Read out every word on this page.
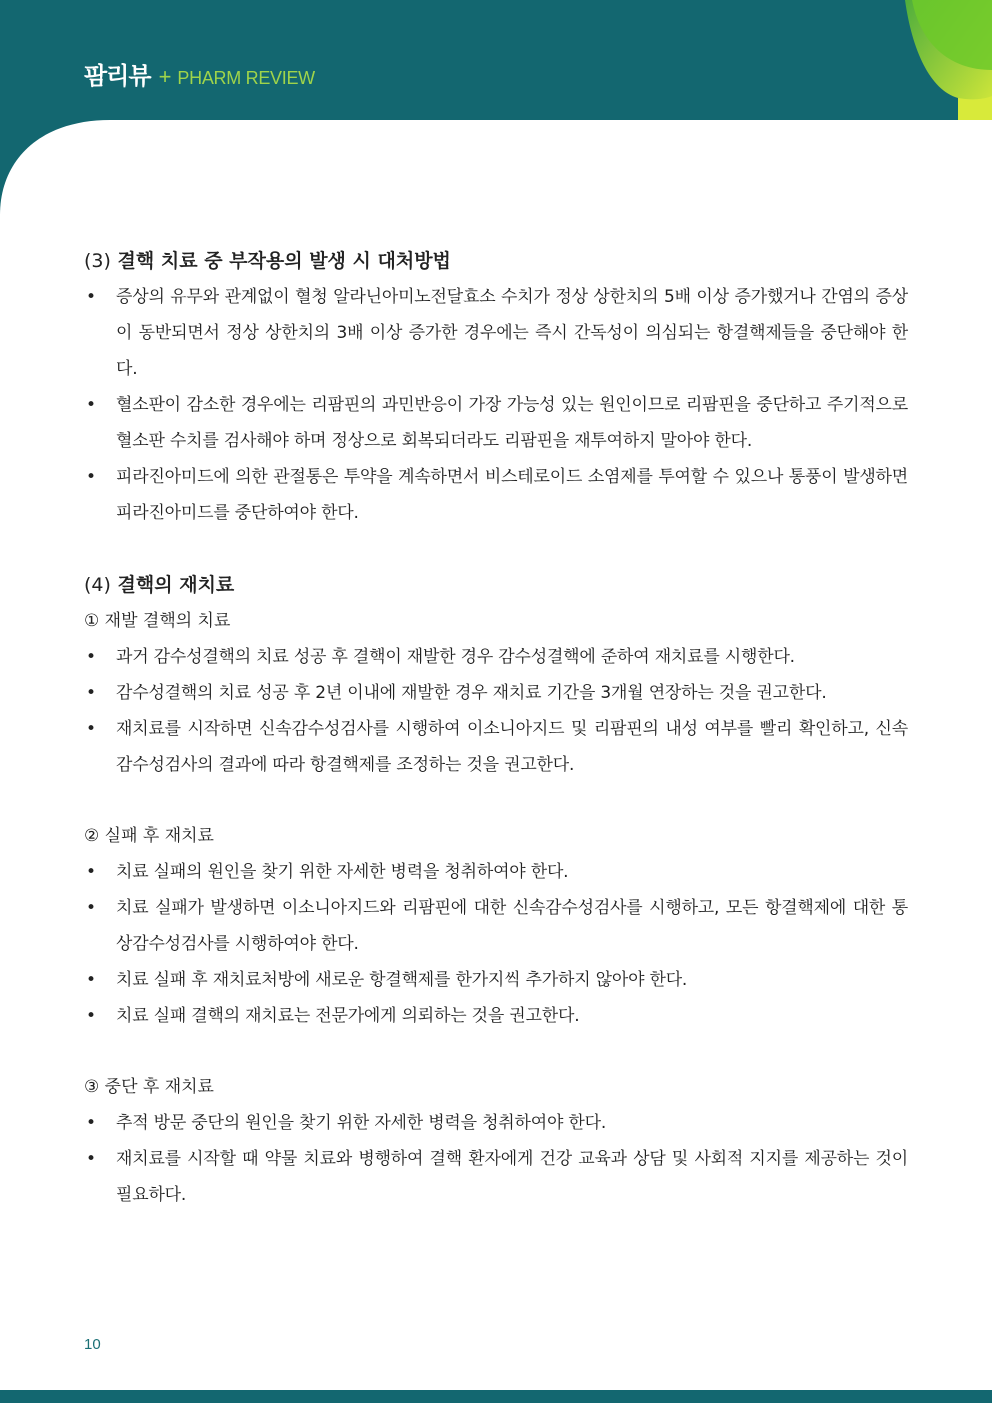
팜리뷰 + PHARM REVIEW
(3) 결핵 치료 중 부작용의 발생 시 대처방법
• 증상의 유무와 관계없이 혈청 알라닌아미노전달효소 수치가 정상 상한치의 5배 이상 증가했거나 간염의 증상이 동반되면서 정상 상한치의 3배 이상 증가한 경우에는 즉시 간독성이 의심되는 항결핵제들을 중단해야 한다.
• 혈소판이 감소한 경우에는 리팜핀의 과민반응이 가장 가능성 있는 원인이므로 리팜핀을 중단하고 주기적으로 혈소판 수치를 검사해야 하며 정상으로 회복되더라도 리팜핀을 재투여하지 말아야 한다.
• 피라진아미드에 의한 관절통은 투약을 계속하면서 비스테로이드 소염제를 투여할 수 있으나 통풍이 발생하면 피라진아미드를 중단하여야 한다.
(4) 결핵의 재치료
① 재발 결핵의 치료
• 과거 감수성결핵의 치료 성공 후 결핵이 재발한 경우 감수성결핵에 준하여 재치료를 시행한다.
• 감수성결핵의 치료 성공 후 2년 이내에 재발한 경우 재치료 기간을 3개월 연장하는 것을 권고한다.
• 재치료를 시작하면 신속감수성검사를 시행하여 이소니아지드 및 리팜핀의 내성 여부를 빨리 확인하고, 신속감수성검사의 결과에 따라 항결핵제를 조정하는 것을 권고한다.
② 실패 후 재치료
• 치료 실패의 원인을 찾기 위한 자세한 병력을 청취하여야 한다.
• 치료 실패가 발생하면 이소니아지드와 리팜핀에 대한 신속감수성검사를 시행하고, 모든 항결핵제에 대한 통상감수성검사를 시행하여야 한다.
• 치료 실패 후 재치료처방에 새로운 항결핵제를 한가지씩 추가하지 않아야 한다.
• 치료 실패 결핵의 재치료는 전문가에게 의뢰하는 것을 권고한다.
③ 중단 후 재치료
• 추적 방문 중단의 원인을 찾기 위한 자세한 병력을 청취하여야 한다.
• 재치료를 시작할 때 약물 치료와 병행하여 결핵 환자에게 건강 교육과 상담 및 사회적 지지를 제공하는 것이 필요하다.
10
